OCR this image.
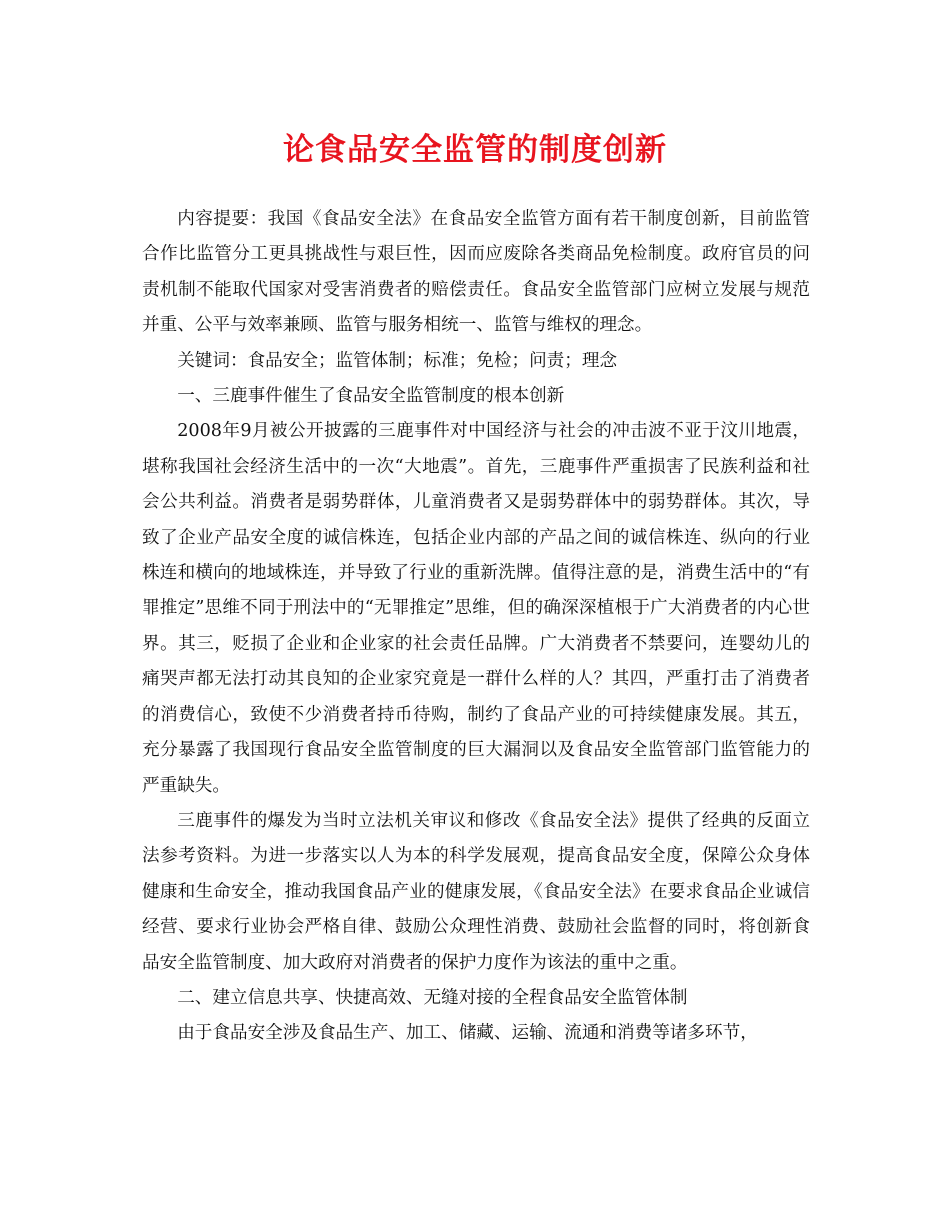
论食品安全监管的制度创新

内容提要：我国《食品安全法》在食品安全监管方面有若干制度创新，目前监管合作比监管分工更具挑战性与艰巨性，因而应废除各类商品免检制度。政府官员的问责机制不能取代国家对受害消费者的赔偿责任。食品安全监管部门应树立发展与规范并重、公平与效率兼顾、监管与服务相统一、监管与维权的理念。

关键词：食品安全；监管体制；标准；免检；问责；理念

一、三鹿事件催生了食品安全监管制度的根本创新

2008年9月被公开披露的三鹿事件对中国经济与社会的冲击波不亚于汶川地震，堪称我国社会经济生活中的一次“大地震”。首先，三鹿事件严重损害了民族利益和社会公共利益。消费者是弱势群体，儿童消费者又是弱势群体中的弱势群体。其次，导致了企业产品安全度的诚信株连，包括企业内部的产品之间的诚信株连、纵向的行业株连和横向的地域株连，并导致了行业的重新洗牌。值得注意的是，消费生活中的“有罪推定”思维不同于刑法中的“无罪推定”思维，但的确深深植根于广大消费者的内心世界。其三，贬损了企业和企业家的社会责任品牌。广大消费者不禁要问，连婴幼儿的痛哭声都无法打动其良知的企业家究竟是一群什么样的人？其四，严重打击了消费者的消费信心，致使不少消费者持币待购，制约了食品产业的可持续健康发展。其五，充分暴露了我国现行食品安全监管制度的巨大漏洞以及食品安全监管部门监管能力的严重缺失。

三鹿事件的爆发为当时立法机关审议和修改《食品安全法》提供了经典的反面立法参考资料。为进一步落实以人为本的科学发展观，提高食品安全度，保障公众身体健康和生命安全，推动我国食品产业的健康发展，《食品安全法》在要求食品企业诚信经营、要求行业协会严格自律、鼓励公众理性消费、鼓励社会监督的同时，将创新食品安全监管制度、加大政府对消费者的保护力度作为该法的重中之重。

二、建立信息共享、快捷高效、无缝对接的全程食品安全监管体制

由于食品安全涉及食品生产、加工、储藏、运输、流通和消费等诸多环节，
